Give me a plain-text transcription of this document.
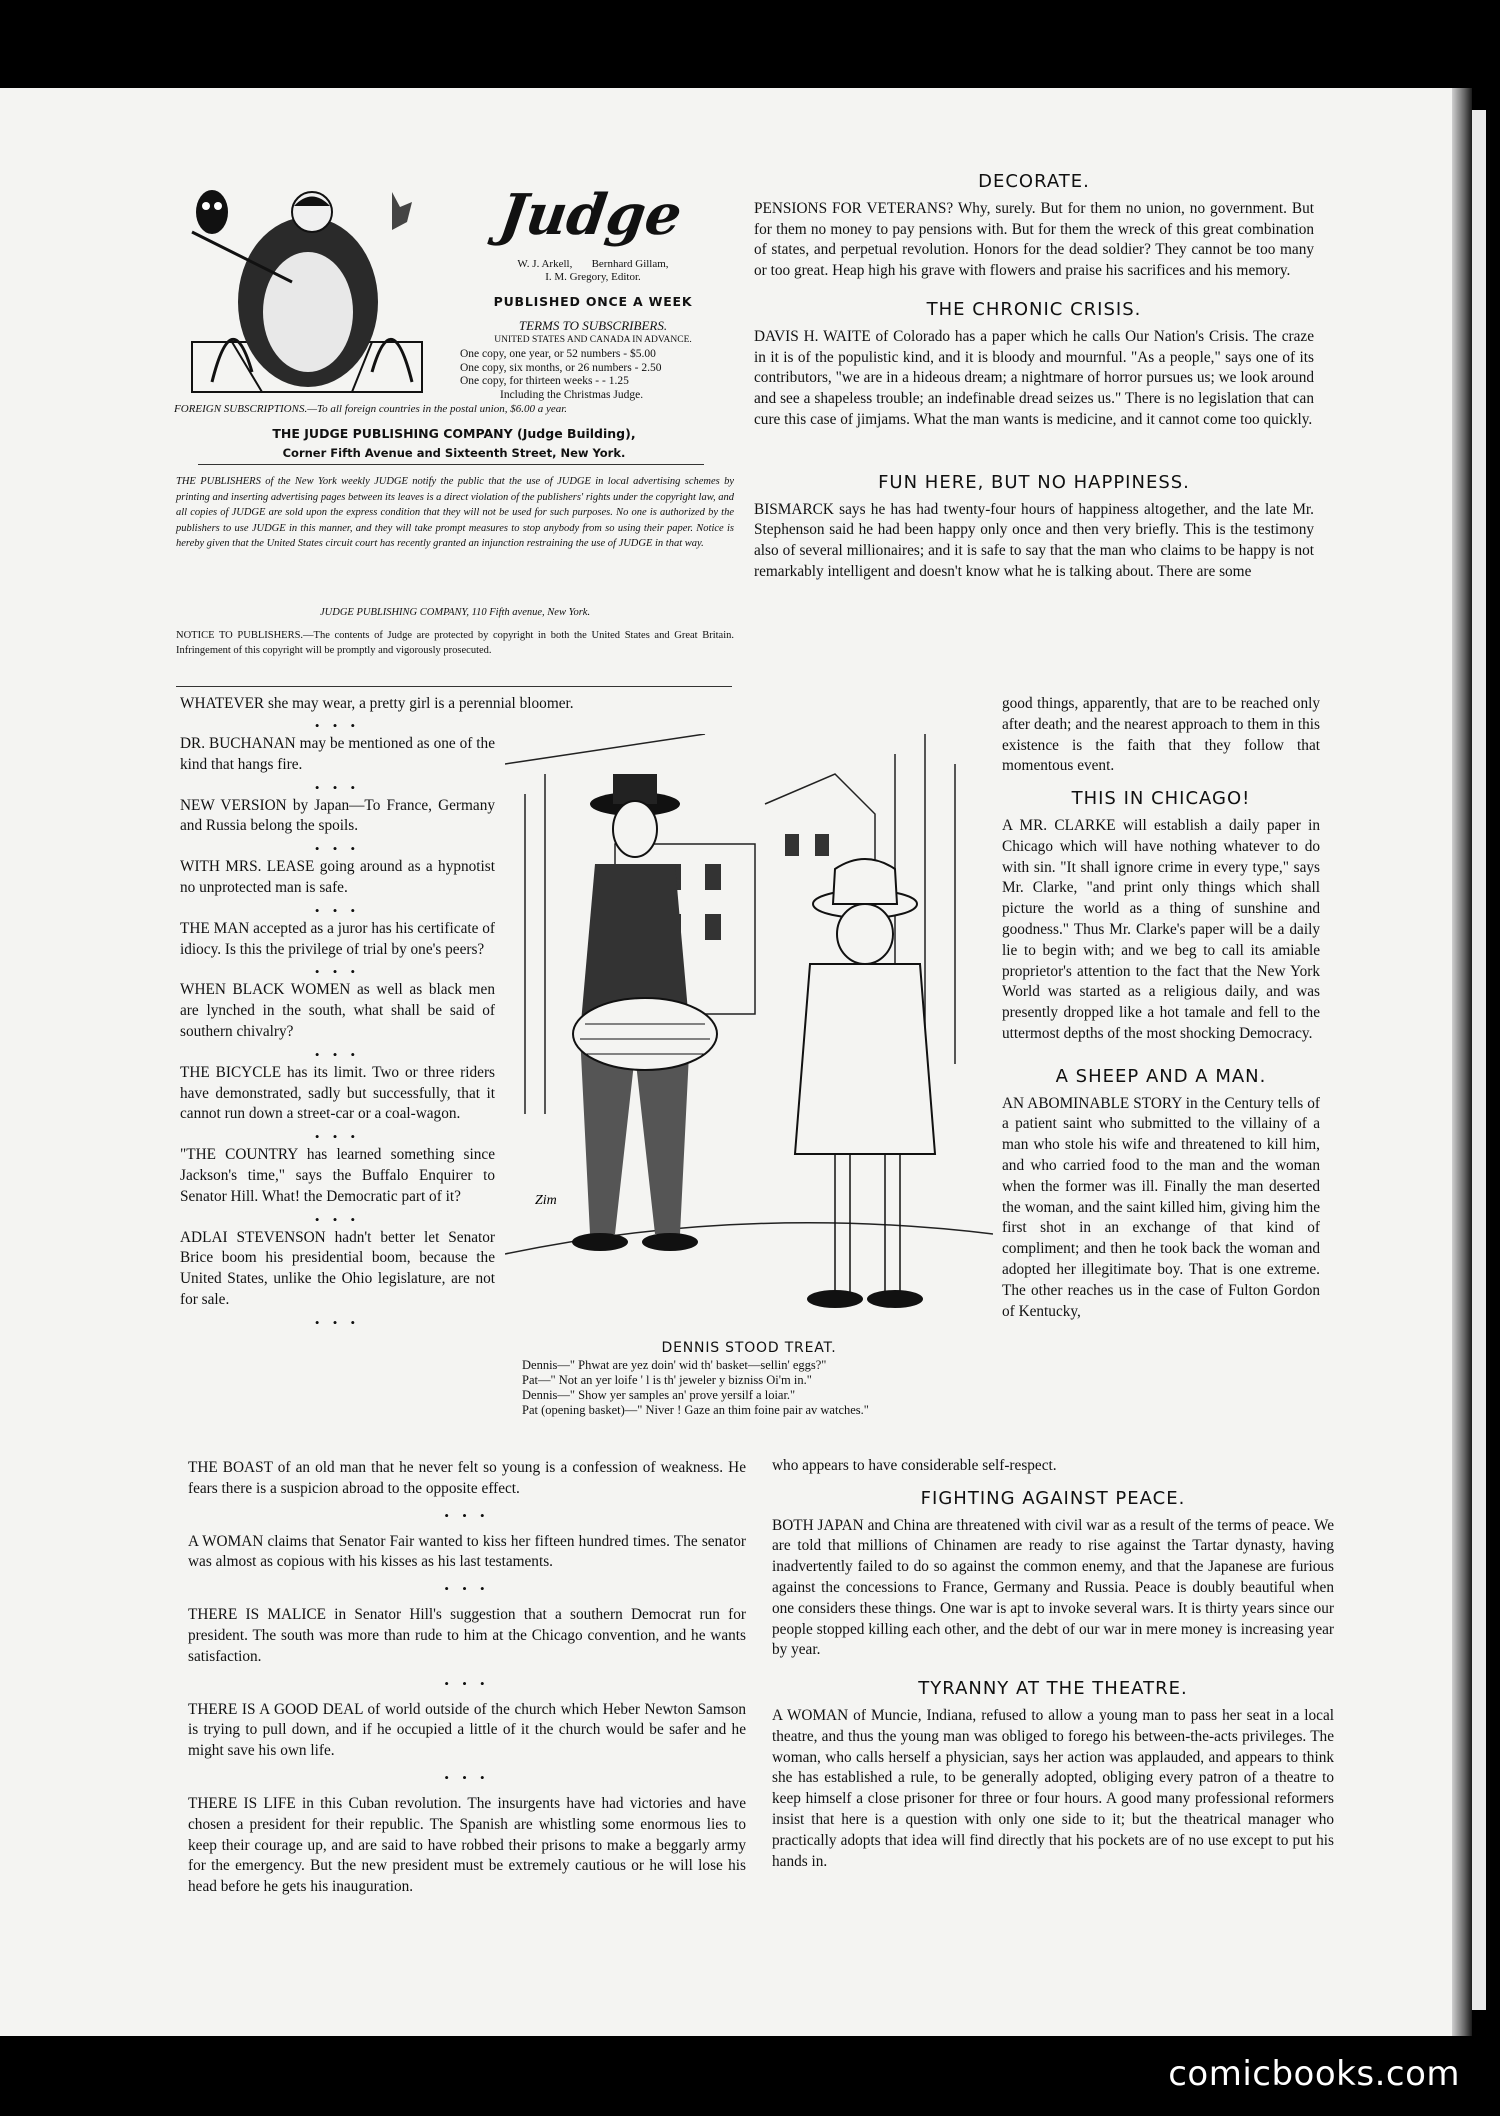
Judge
W. J. Arkell, Bernhard Gillam,
I. M. Gregory, Editor.
PUBLISHED ONCE A WEEK
TERMS TO SUBSCRIBERS.
UNITED STATES AND CANADA IN ADVANCE.
One copy, one year, or 52 numbers - $5.00
One copy, six months, or 26 numbers - 2.50
One copy, for thirteen weeks - - 1.25
Including the Christmas Judge.
FOREIGN SUBSCRIPTIONS.—To all foreign countries in the postal union, $6.00 a year.
THE JUDGE PUBLISHING COMPANY (Judge Building),
Corner Fifth Avenue and Sixteenth Street, New York.
THE PUBLISHERS of the New York weekly JUDGE notify the public that the use of JUDGE in local advertising schemes by printing and inserting advertising pages between its leaves is a direct violation of the publishers' rights under the copyright law, and all copies of JUDGE are sold upon the express condition that they will not be used for such purposes. No one is authorized by the publishers to use JUDGE in this manner, and they will take prompt measures to stop anybody from so using their paper. Notice is hereby given that the United States circuit court has recently granted an injunction restraining the use of JUDGE in that way.
JUDGE PUBLISHING COMPANY, 110 Fifth avenue, New York.
NOTICE TO PUBLISHERS.—The contents of Judge are protected by copyright in both the United States and Great Britain. Infringement of this copyright will be promptly and vigorously prosecuted.
DECORATE.

PENSIONS FOR VETERANS? Why, surely. But for them no union, no government. But for them no money to pay pensions with. But for them the wreck of this great combination of states, and perpetual revolution. Honors for the dead soldier? They cannot be too many or too great. Heap high his grave with flowers and praise his sacrifices and his memory.

THE CHRONIC CRISIS.

DAVIS H. WAITE of Colorado has a paper which he calls Our Nation's Crisis. The craze in it is of the populistic kind, and it is bloody and mournful. "As a people," says one of its contributors, "we are in a hideous dream; a nightmare of horror pursues us; we look around and see a shapeless trouble; an indefinable dread seizes us." There is no legislation that can cure this case of jimjams. What the man wants is medicine, and it cannot come too quickly.

FUN HERE, BUT NO HAPPINESS.

BISMARCK says he has had twenty-four hours of happiness altogether, and the late Mr. Stephenson said he had been happy only once and then very briefly. This is the testimony also of several millionaires; and it is safe to say that the man who claims to be happy is not remarkably intelligent and doesn't know what he is talking about. There are some

good things, apparently, that are to be reached only after death; and the nearest approach to them in this existence is the faith that they follow that momentous event.

THIS IN CHICAGO!

A MR. CLARKE will establish a daily paper in Chicago which will have nothing whatever to do with sin. "It shall ignore crime in every type," says Mr. Clarke, "and print only things which shall picture the world as a thing of sunshine and goodness." Thus Mr. Clarke's paper will be a daily lie to begin with; and we beg to call its amiable proprietor's attention to the fact that the New York World was started as a religious daily, and was presently dropped like a hot tamale and fell to the uttermost depths of the most shocking Democracy.

A SHEEP AND A MAN.

AN ABOMINABLE STORY in the Century tells of a patient saint who submitted to the villainy of a man who stole his wife and threatened to kill him, and who carried food to the man and the woman when the former was ill. Finally the man deserted the woman, and the saint killed him, giving him the first shot in an exchange of that kind of compliment; and then he took back the woman and adopted her illegitimate boy. That is one extreme. The other reaches us in the case of Fulton Gordon of Kentucky,

who appears to have considerable self-respect.

FIGHTING AGAINST PEACE.

BOTH JAPAN and China are threatened with civil war as a result of the terms of peace. We are told that millions of Chinamen are ready to rise against the Tartar dynasty, having inadvertently failed to do so against the common enemy, and that the Japanese are furious against the concessions to France, Germany and Russia. Peace is doubly beautiful when one considers these things. One war is apt to invoke several wars. It is thirty years since our people stopped killing each other, and the debt of our war in mere money is increasing year by year.

TYRANNY AT THE THEATRE.

A WOMAN of Muncie, Indiana, refused to allow a young man to pass her seat in a local theatre, and thus the young man was obliged to forego his between-the-acts privileges. The woman, who calls herself a physician, says her action was applauded, and appears to think she has established a rule, to be generally adopted, obliging every patron of a theatre to keep himself a close prisoner for three or four hours. A good many professional reformers insist that here is a question with only one side to it; but the theatrical manager who practically adopts that idea will find directly that his pockets are of no use except to put his hands in.

WHATEVER she may wear, a pretty girl is a perennial bloomer.
• • •

DR. BUCHANAN may be mentioned as one of the kind that hangs fire.

• • •

NEW VERSION by Japan—To France, Germany and Russia belong the spoils.

• • •

WITH MRS. LEASE going around as a hypnotist no unprotected man is safe.

• • •

THE MAN accepted as a juror has his certificate of idiocy. Is this the privilege of trial by one's peers?

• • •

WHEN BLACK WOMEN as well as black men are lynched in the south, what shall be said of southern chivalry?

• • •

THE BICYCLE has its limit. Two or three riders have demonstrated, sadly but successfully, that it cannot run down a street-car or a coal-wagon.

• • •

"THE COUNTRY has learned something since Jackson's time," says the Buffalo Enquirer to Senator Hill. What! the Democratic part of it?

• • •

ADLAI STEVENSON hadn't better let Senator Brice boom his presidential boom, because the United States, unlike the Ohio legislature, are not for sale.

• • •

THE BOAST of an old man that he never felt so young is a confession of weakness. He fears there is a suspicion abroad to the opposite effect.

• • •

A WOMAN claims that Senator Fair wanted to kiss her fifteen hundred times. The senator was almost as copious with his kisses as his last testaments.

• • •

THERE IS MALICE in Senator Hill's suggestion that a southern Democrat run for president. The south was more than rude to him at the Chicago convention, and he wants satisfaction.

• • •

THERE IS A GOOD DEAL of world outside of the church which Heber Newton Samson is trying to pull down, and if he occupied a little of it the church would be safer and he might save his own life.

• • •

THERE IS LIFE in this Cuban revolution. The insurgents have had victories and have chosen a president for their republic. The Spanish are whistling some enormous lies to keep their courage up, and are said to have robbed their prisons to make a beggarly army for the emergency. But the new president must be extremely cautious or he will lose his head before he gets his inauguration.

Zim
DENNIS STOOD TREAT.
Dennis—" Phwat are yez doin' wid th' basket—sellin' eggs?"
Pat—" Not an yer loife ' l is th' jeweler y bizniss Oi'm in."
Dennis—" Show yer samples an' prove yersilf a loiar."
Pat (opening basket)—" Niver ! Gaze an thim foine pair av watches."
comicbooks.com
